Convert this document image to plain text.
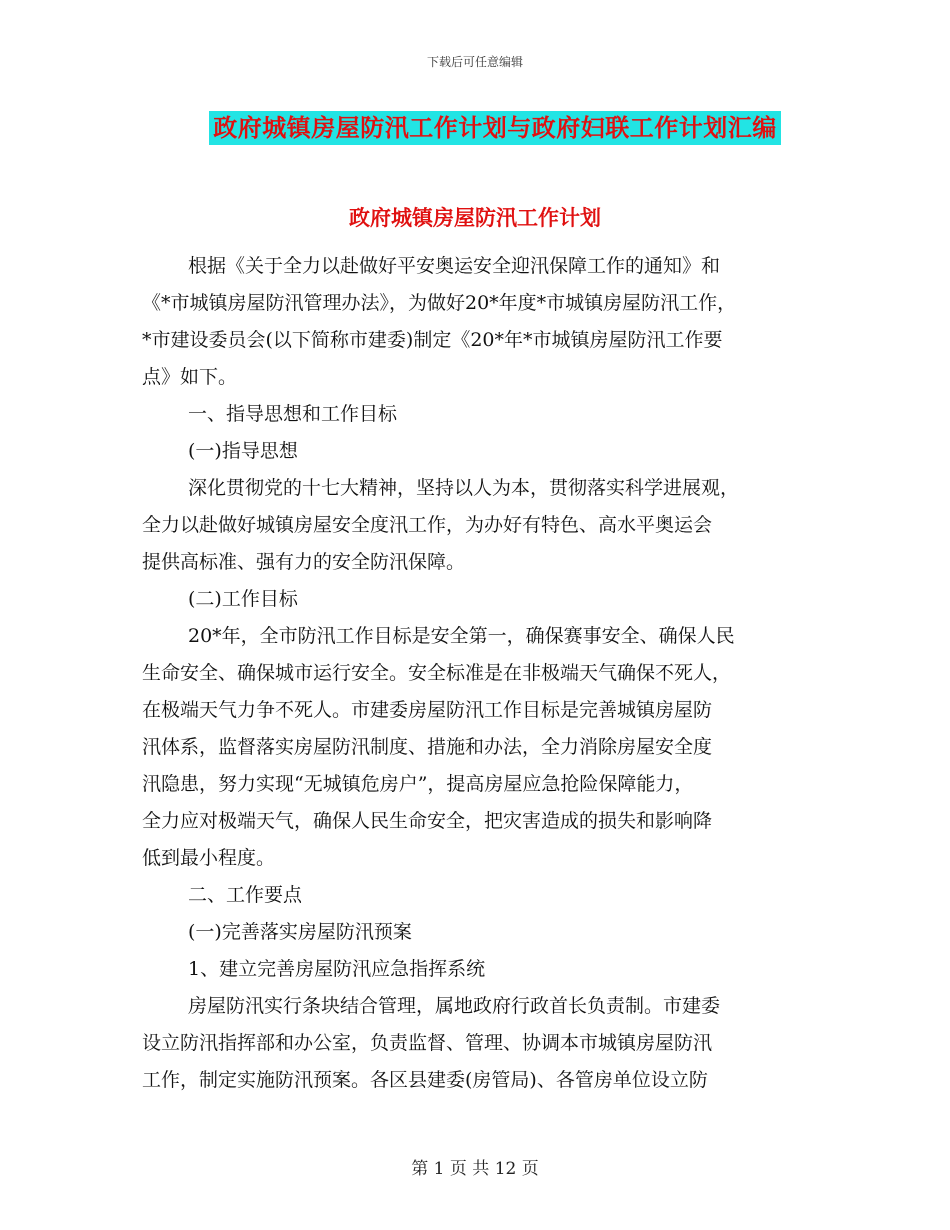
下载后可任意编辑
政府城镇房屋防汛工作计划与政府妇联工作计划汇编
政府城镇房屋防汛工作计划
根据《关于全力以赴做好平安奥运安全迎汛保障工作的通知》和
《*市城镇房屋防汛管理办法》，为做好20*年度*市城镇房屋防汛工作，
*市建设委员会(以下简称市建委)制定《20*年*市城镇房屋防汛工作要
点》如下。
一、指导思想和工作目标
(一)指导思想
深化贯彻党的十七大精神，坚持以人为本，贯彻落实科学进展观，
全力以赴做好城镇房屋安全度汛工作，为办好有特色、高水平奥运会
提供高标准、强有力的安全防汛保障。
(二)工作目标
20*年，全市防汛工作目标是安全第一，确保赛事安全、确保人民
生命安全、确保城市运行安全。安全标准是在非极端天气确保不死人，
在极端天气力争不死人。市建委房屋防汛工作目标是完善城镇房屋防
汛体系，监督落实房屋防汛制度、措施和办法，全力消除房屋安全度
汛隐患，努力实现“无城镇危房户”，提高房屋应急抢险保障能力，
全力应对极端天气，确保人民生命安全，把灾害造成的损失和影响降
低到最小程度。
二、工作要点
(一)完善落实房屋防汛预案
1、建立完善房屋防汛应急指挥系统
房屋防汛实行条块结合管理，属地政府行政首长负责制。市建委
设立防汛指挥部和办公室，负责监督、管理、协调本市城镇房屋防汛
工作，制定实施防汛预案。各区县建委(房管局)、各管房单位设立防
第 1 页 共 12 页
